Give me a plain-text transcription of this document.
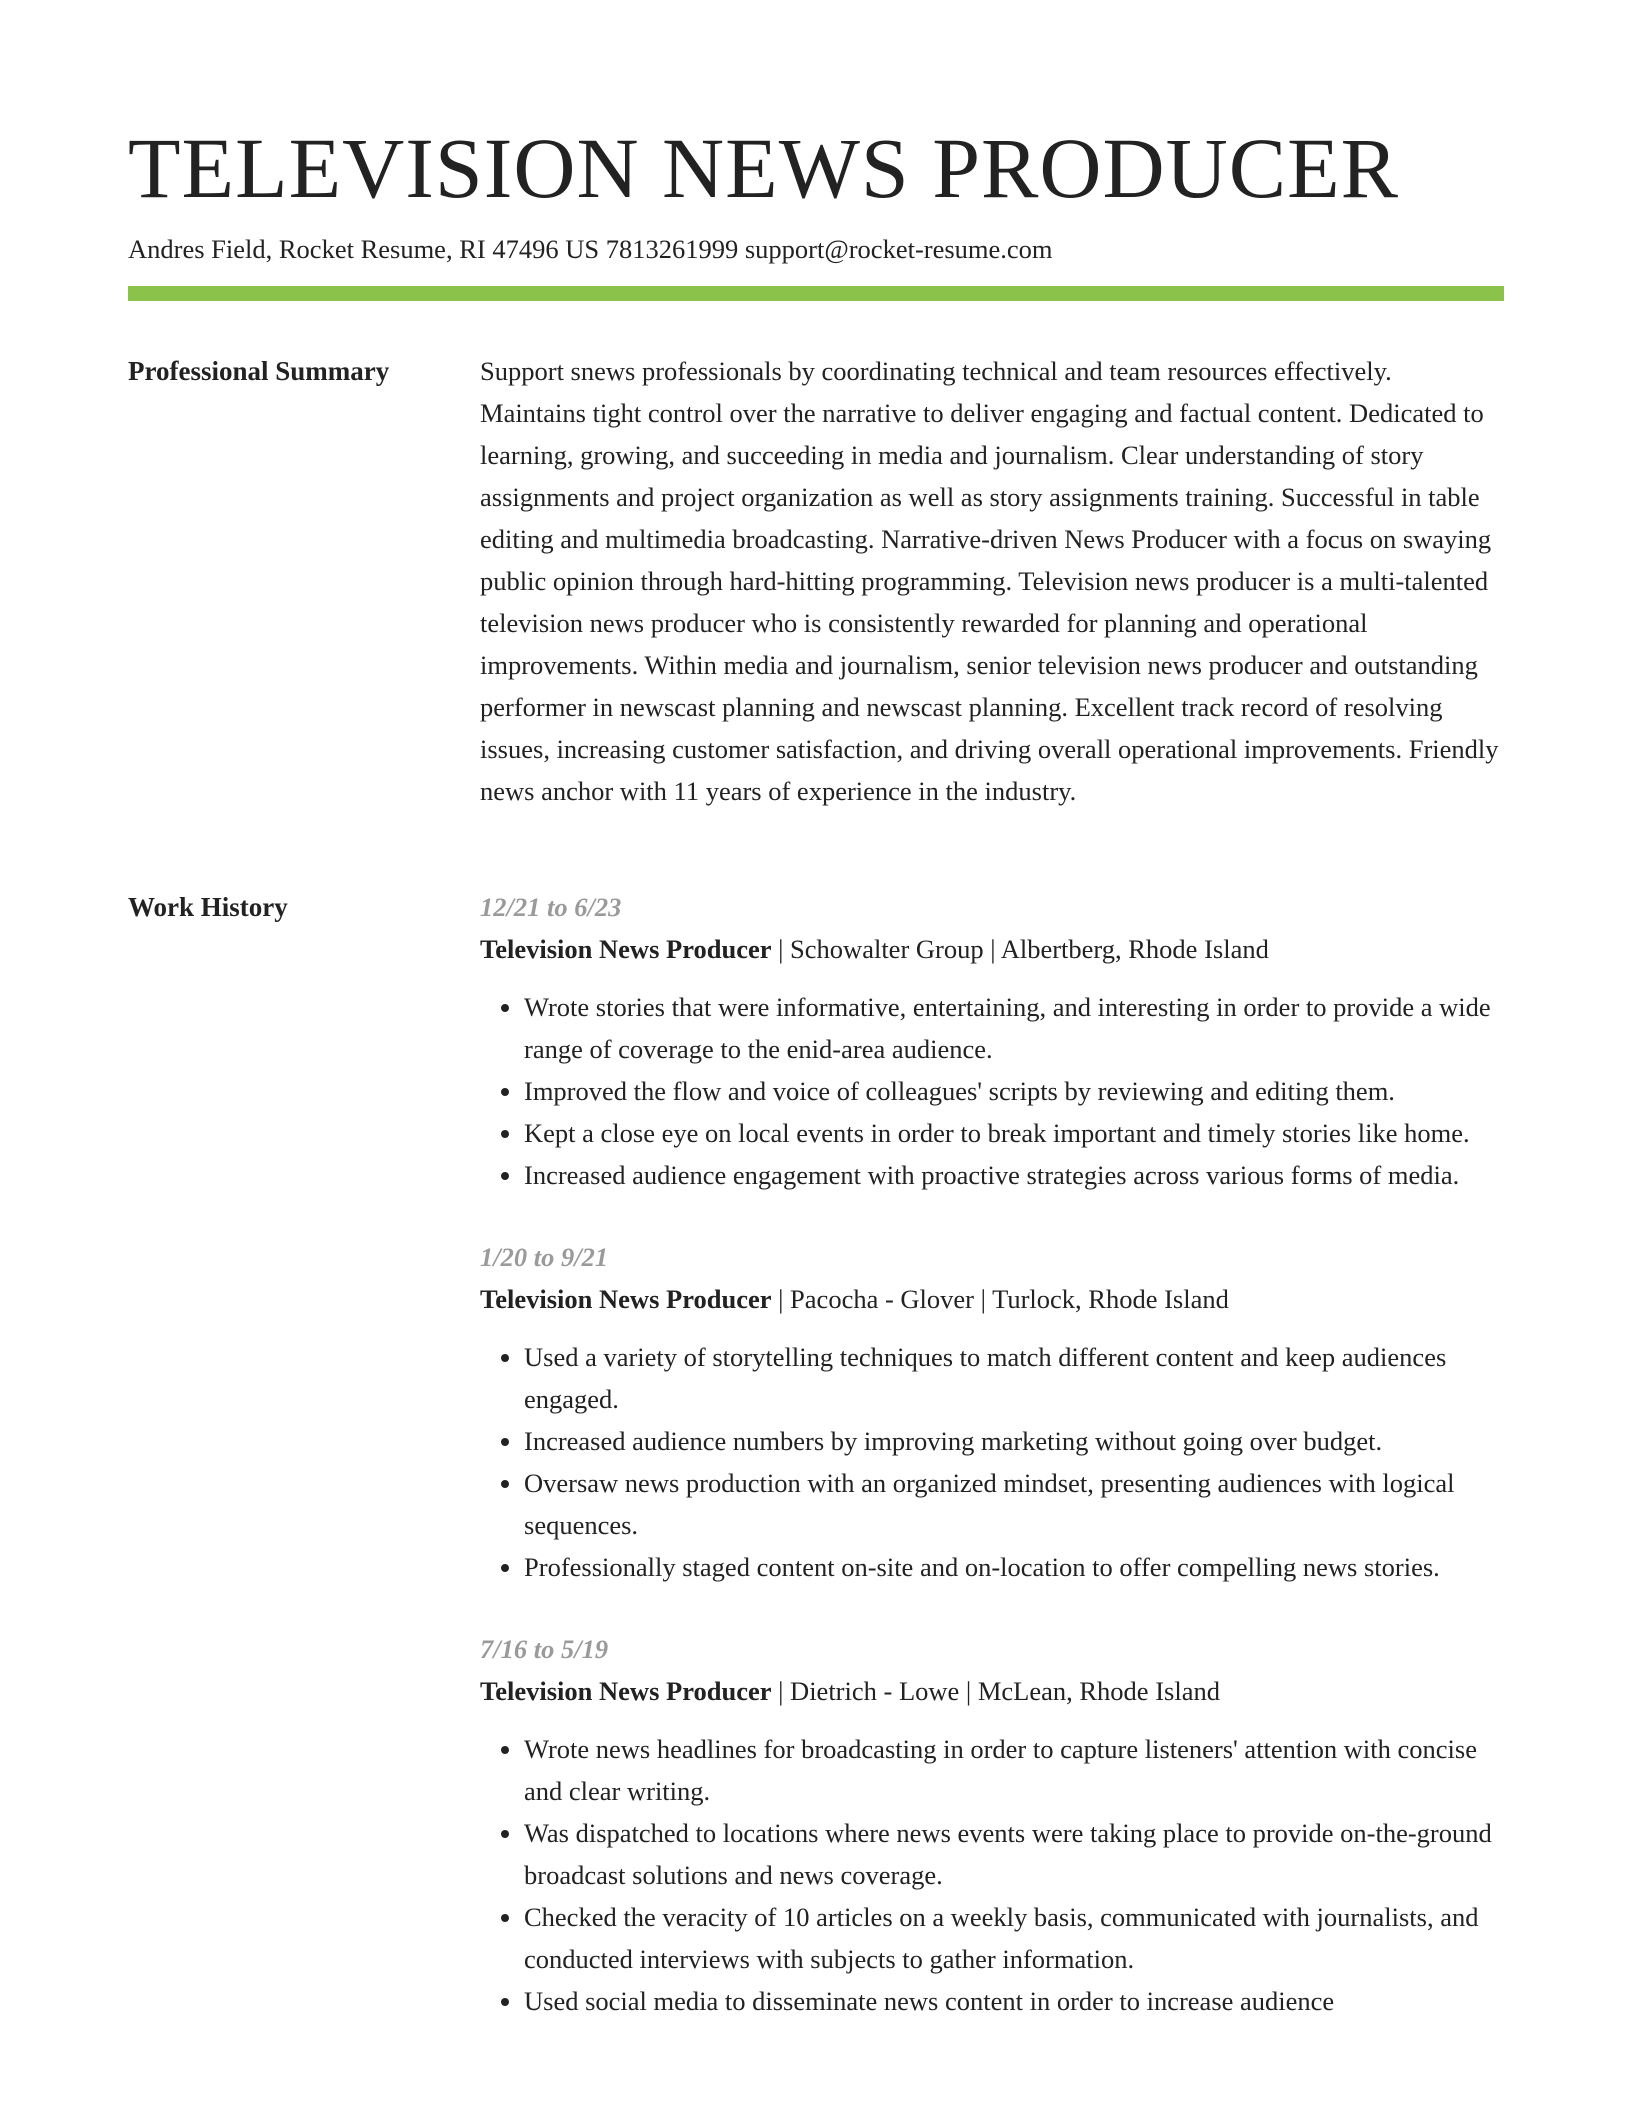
TELEVISION NEWS PRODUCER
Andres Field, Rocket Resume, RI 47496 US 7813261999 support@rocket-resume.com
Professional Summary	Support snews professionals by coordinating technical and team resources effectively. Maintains tight control over the narrative to deliver engaging and factual content. Dedicated to learning, growing, and succeeding in media and journalism. Clear understanding of story assignments and project organization as well as story assignments training. Successful in table editing and multimedia broadcasting. Narrative-driven News Producer with a focus on swaying public opinion through hard-hitting programming. Television news producer is a multi-talented television news producer who is consistently rewarded for planning and operational improvements. Within media and journalism, senior television news producer and outstanding performer in newscast planning and newscast planning. Excellent track record of resolving issues, increasing customer satisfaction, and driving overall operational improvements. Friendly news anchor with 11 years of experience in the industry.

Work History	12/21 to 6/23
Television News Producer | Schowalter Group | Albertberg, Rhode Island
• Wrote stories that were informative, entertaining, and interesting in order to provide a wide range of coverage to the enid-area audience.
• Improved the flow and voice of colleagues' scripts by reviewing and editing them.
• Kept a close eye on local events in order to break important and timely stories like home.
• Increased audience engagement with proactive strategies across various forms of media.
1/20 to 9/21
Television News Producer | Pacocha - Glover | Turlock, Rhode Island
• Used a variety of storytelling techniques to match different content and keep audiences engaged.
• Increased audience numbers by improving marketing without going over budget.
• Oversaw news production with an organized mindset, presenting audiences with logical sequences.
• Professionally staged content on-site and on-location to offer compelling news stories.
7/16 to 5/19
Television News Producer | Dietrich - Lowe | McLean, Rhode Island
• Wrote news headlines for broadcasting in order to capture listeners' attention with concise and clear writing.
• Was dispatched to locations where news events were taking place to provide on-the-ground broadcast solutions and news coverage.
• Checked the veracity of 10 articles on a weekly basis, communicated with journalists, and conducted interviews with subjects to gather information.
• Used social media to disseminate news content in order to increase audience
